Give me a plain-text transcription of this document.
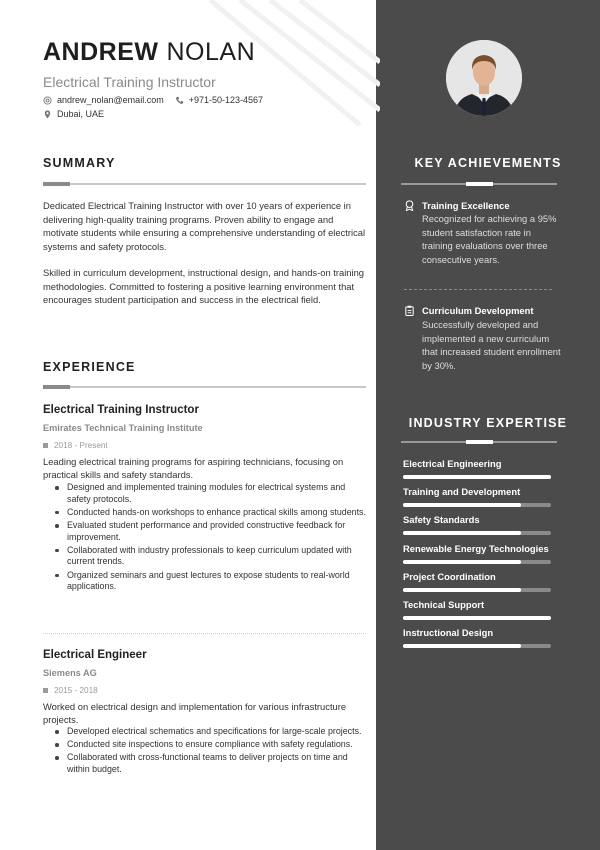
ANDREW NOLAN
Electrical Training Instructor
andrew_nolan@email.com	+971-50-123-4567
Dubai, UAE
SUMMARY
Dedicated Electrical Training Instructor with over 10 years of experience in delivering high-quality training programs. Proven ability to engage and motivate students while ensuring a comprehensive understanding of electrical systems and safety protocols.
Skilled in curriculum development, instructional design, and hands-on training methodologies. Committed to fostering a positive learning environment that encourages student participation and success in the electrical field.
EXPERIENCE
Electrical Training Instructor
Emirates Technical Training Institute
2018 - Present
Leading electrical training programs for aspiring technicians, focusing on practical skills and safety standards.
Designed and implemented training modules for electrical systems and safety protocols.
Conducted hands-on workshops to enhance practical skills among students.
Evaluated student performance and provided constructive feedback for improvement.
Collaborated with industry professionals to keep curriculum updated with current trends.
Organized seminars and guest lectures to expose students to real-world applications.
Electrical Engineer
Siemens AG
2015 - 2018
Worked on electrical design and implementation for various infrastructure projects.
Developed electrical schematics and specifications for large-scale projects.
Conducted site inspections to ensure compliance with safety regulations.
Collaborated with cross-functional teams to deliver projects on time and within budget.
KEY ACHIEVEMENTS
Training Excellence
Recognized for achieving a 95% student satisfaction rate in training evaluations over three consecutive years.
Curriculum Development
Successfully developed and implemented a new curriculum that increased student enrollment by 30%.
INDUSTRY EXPERTISE
Electrical Engineering
Training and Development
Safety Standards
Renewable Energy Technologies
Project Coordination
Technical Support
Instructional Design
